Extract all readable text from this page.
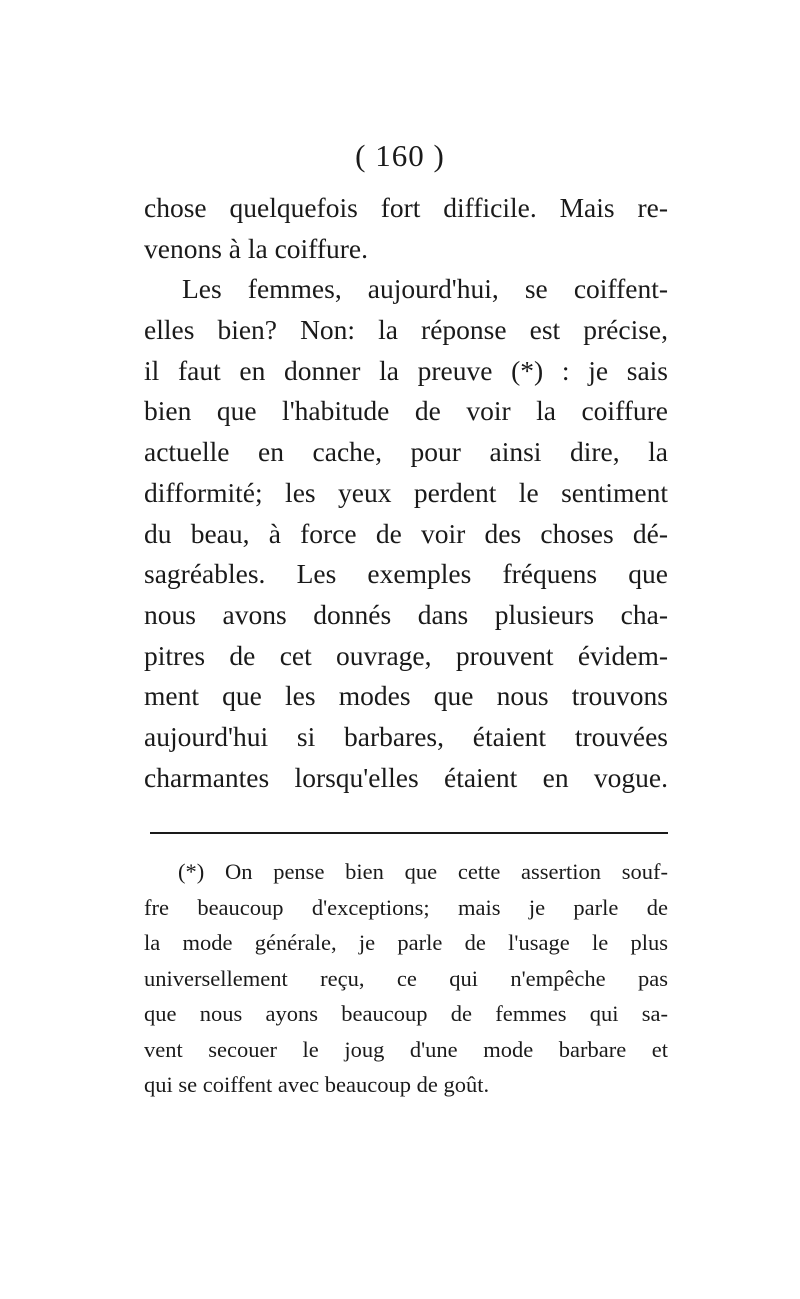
( 160 )
chose quelquefois fort difficile. Mais re-
venons à la coiffure.
Les femmes, aujourd'hui, se coiffent-
elles bien? Non: la réponse est précise,
il faut en donner la preuve (*) : je sais
bien que l'habitude de voir la coiffure
actuelle en cache, pour ainsi dire, la
difformité; les yeux perdent le sentiment
du beau, à force de voir des choses dé-
sagréables. Les exemples fréquens que
nous avons donnés dans plusieurs cha-
pitres de cet ouvrage, prouvent évidem-
ment que les modes que nous trouvons
aujourd'hui si barbares, étaient trouvées
charmantes lorsqu'elles étaient en vogue.
(*) On pense bien que cette assertion souf-
fre beaucoup d'exceptions; mais je parle de
la mode générale, je parle de l'usage le plus
universellement reçu, ce qui n'empêche pas
que nous ayons beaucoup de femmes qui sa-
vent secouer le joug d'une mode barbare et
qui se coiffent avec beaucoup de goût.
